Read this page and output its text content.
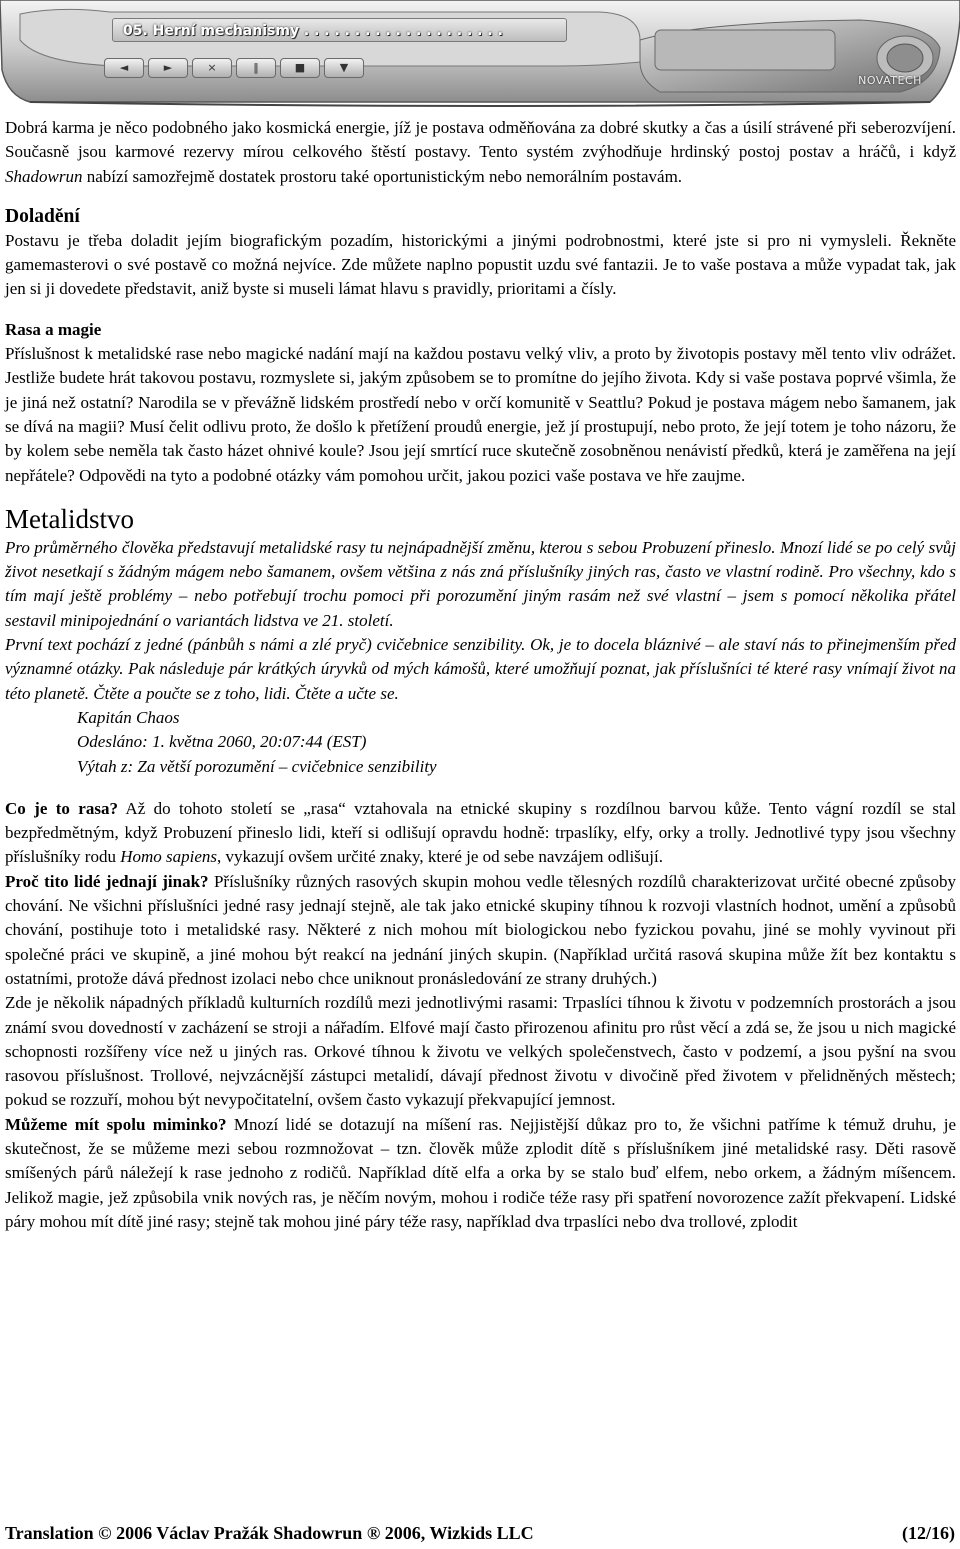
05. Herní mechanismy . . . . . . . . . . . . . . . . . . . .
◄	►	×	‖	■	▼
NOVATECH

Dobrá karma je něco podobného jako kosmická energie, jíž je postava odměňována za dobré skutky a čas a úsilí strávené při seberozvíjení. Současně jsou karmové rezervy mírou celkového štěstí postavy. Tento systém zvýhodňuje hrdinský postoj postav a hráčů, i když Shadowrun nabízí samozřejmě dostatek prostoru také oportunistickým nebo nemorálním postavám.

Doladění

Postavu je třeba doladit jejím biografickým pozadím, historickými a jinými podrobnostmi, které jste si pro ni vymysleli. Řekněte gamemasterovi o své postavě co možná nejvíce. Zde můžete naplno popustit uzdu své fantazii. Je to vaše postava a může vypadat tak, jak jen si ji dovedete představit, aniž byste si museli lámat hlavu s pravidly, prioritami a čísly.

Rasa a magie

Příslušnost k metalidské rase nebo magické nadání mají na každou postavu velký vliv, a proto by životopis postavy měl tento vliv odrážet. Jestliže budete hrát takovou postavu, rozmyslete si, jakým způsobem se to promítne do jejího života. Kdy si vaše postava poprvé všimla, že je jiná než ostatní? Narodila se v převážně lidském prostředí nebo v orčí komunitě v Seattlu? Pokud je postava mágem nebo šamanem, jak se dívá na magii? Musí čelit odlivu proto, že došlo k přetížení proudů energie, jež jí prostupují, nebo proto, že její totem je toho názoru, že by kolem sebe neměla tak často házet ohnivé koule? Jsou její smrtící ruce skutečně zosobněnou nenávistí předků, která je zaměřena na její nepřátele? Odpovědi na tyto a podobné otázky vám pomohou určit, jakou pozici vaše postava ve hře zaujme.

Metalidstvo

Pro průměrného člověka představují metalidské rasy tu nejnápadnější změnu, kterou s sebou Probuzení přineslo. Mnozí lidé se po celý svůj život nesetkají s žádným mágem nebo šamanem, ovšem většina z nás zná příslušníky jiných ras, často ve vlastní rodině. Pro všechny, kdo s tím mají ještě problémy – nebo potřebují trochu pomoci při porozumění jiným rasám než své vlastní – jsem s pomocí několika přátel sestavil minipojednání o variantách lidstva ve 21. století.

První text pochází z jedné (pánbůh s námi a zlé pryč) cvičebnice senzibility. Ok, je to docela bláznivé – ale staví nás to přinejmenším před významné otázky. Pak následuje pár krátkých úryvků od mých kámošů, které umožňují poznat, jak příslušníci té které rasy vnímají život na této planetě. Čtěte a poučte se z toho, lidi. Čtěte a učte se.

Kapitán Chaos

Odesláno: 1. května 2060, 20:07:44 (EST)

Výtah z: Za větší porozumění – cvičebnice senzibility

Co je to rasa? Až do tohoto století se „rasa“ vztahovala na etnické skupiny s rozdílnou barvou kůže. Tento vágní rozdíl se stal bezpředmětným, když Probuzení přineslo lidi, kteří si odlišují opravdu hodně: trpaslíky, elfy, orky a trolly. Jednotlivé typy jsou všechny příslušníky rodu Homo sapiens, vykazují ovšem určité znaky, které je od sebe navzájem odlišují.

Proč tito lidé jednají jinak? Příslušníky různých rasových skupin mohou vedle tělesných rozdílů charakterizovat určité obecné způsoby chování. Ne všichni příslušníci jedné rasy jednají stejně, ale tak jako etnické skupiny tíhnou k rozvoji vlastních hodnot, umění a způsobů chování, postihuje toto i metalidské rasy. Některé z nich mohou mít biologickou nebo fyzickou povahu, jiné se mohly vyvinout při společné práci ve skupině, a jiné mohou být reakcí na jednání jiných skupin. (Například určitá rasová skupina může žít bez kontaktu s ostatními, protože dává přednost izolaci nebo chce uniknout pronásledování ze strany druhých.)

Zde je několik nápadných příkladů kulturních rozdílů mezi jednotlivými rasami: Trpaslíci tíhnou k životu v podzemních prostorách a jsou známí svou dovedností v zacházení se stroji a nářadím. Elfové mají často přirozenou afinitu pro růst věcí a zdá se, že jsou u nich magické schopnosti rozšířeny více než u jiných ras. Orkové tíhnou k životu ve velkých společenstvech, často v podzemí, a jsou pyšní na svou rasovou příslušnost. Trollové, nejvzácnější zástupci metalidí, dávají přednost životu v divočině před životem v přelidněných městech; pokud se rozzuří, mohou být nevypočitatelní, ovšem často vykazují překvapující jemnost.

Můžeme mít spolu miminko? Mnozí lidé se dotazují na míšení ras. Nejjistější důkaz pro to, že všichni patříme k témuž druhu, je skutečnost, že se můžeme mezi sebou rozmnožovat – tzn. člověk může zplodit dítě s příslušníkem jiné metalidské rasy. Děti rasově smíšených párů náležejí k rase jednoho z rodičů. Například dítě elfa a orka by se stalo buď elfem, nebo orkem, a žádným míšencem. Jelikož magie, jež způsobila vnik nových ras, je něčím novým, mohou i rodiče téže rasy při spatření novorozence zažít překvapení. Lidské páry mohou mít dítě jiné rasy; stejně tak mohou jiné páry téže rasy, například dva trpaslíci nebo dva trollové, zplodit

Translation © 2006 Václav Pražák Shadowrun ® 2006, Wizkids LLC	(12/16)
